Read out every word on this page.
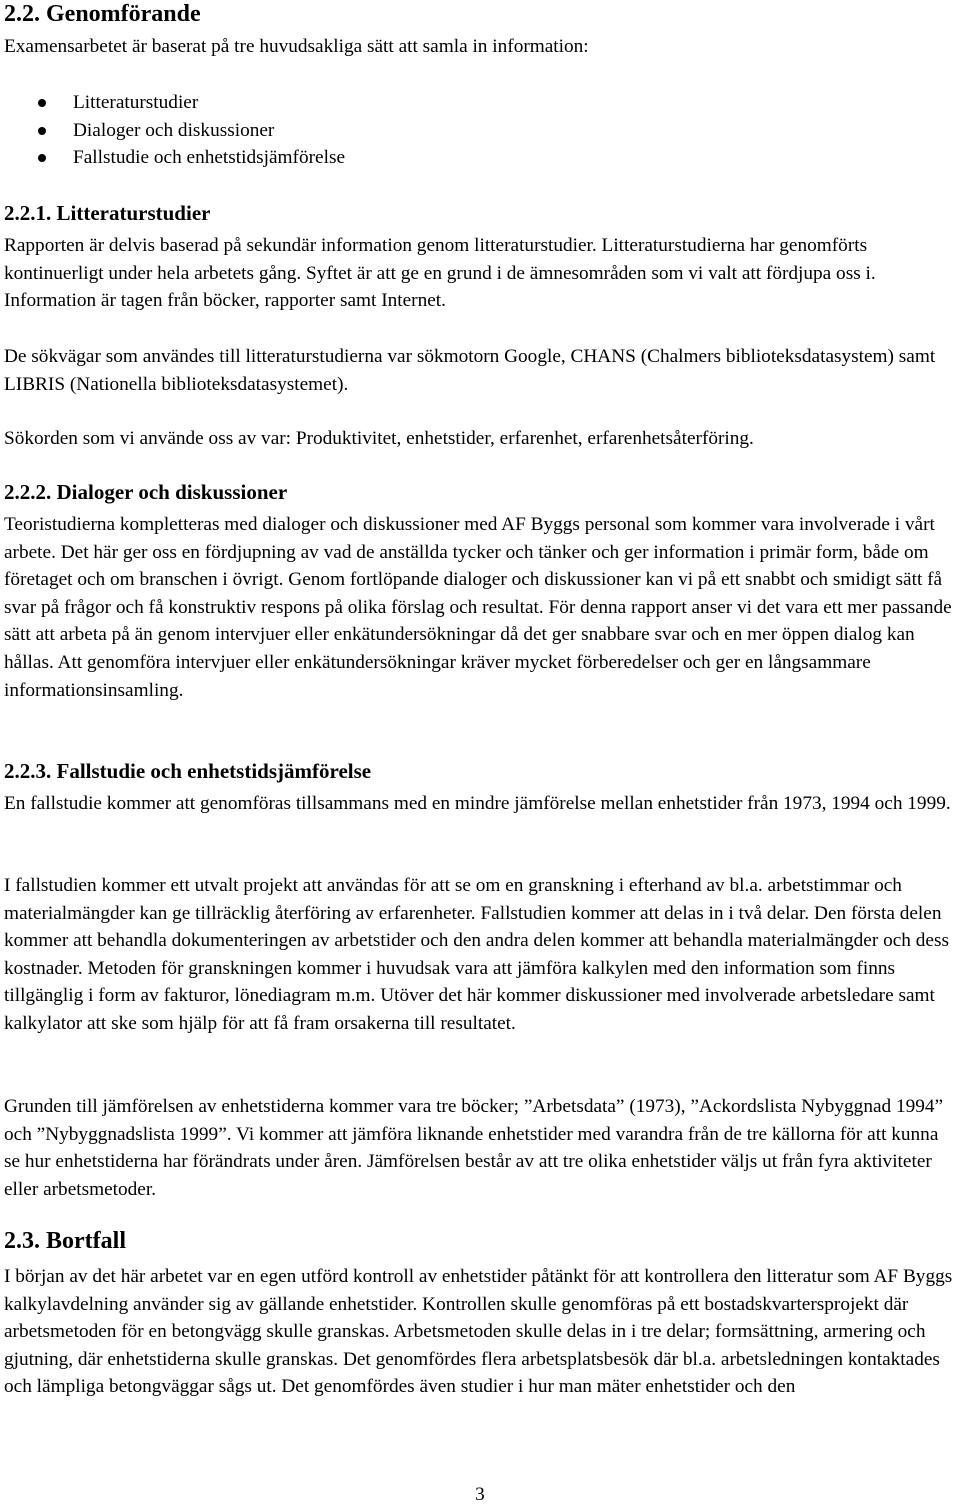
2.2. Genomförande

Examensarbetet är baserat på tre huvudsakliga sätt att samla in information:

Litteraturstudier
Dialoger och diskussioner
Fallstudie och enhetstidsjämförelse
2.2.1. Litteraturstudier

Rapporten är delvis baserad på sekundär information genom litteraturstudier. Litteraturstudierna har genomförts kontinuerligt under hela arbetets gång. Syftet är att ge en grund i de ämnesområden som vi valt att fördjupa oss i. Information är tagen från böcker, rapporter samt Internet.

De sökvägar som användes till litteraturstudierna var sökmotorn Google, CHANS (Chalmers biblioteksdatasystem) samt LIBRIS (Nationella biblioteksdatasystemet).

Sökorden som vi använde oss av var: Produktivitet, enhetstider, erfarenhet, erfarenhetsåterföring.

2.2.2. Dialoger och diskussioner

Teoristudierna kompletteras med dialoger och diskussioner med AF Byggs personal som kommer vara involverade i vårt arbete. Det här ger oss en fördjupning av vad de anställda tycker och tänker och ger information i primär form, både om företaget och om branschen i övrigt. Genom fortlöpande dialoger och diskussioner kan vi på ett snabbt och smidigt sätt få svar på frågor och få konstruktiv respons på olika förslag och resultat. För denna rapport anser vi det vara ett mer passande sätt att arbeta på än genom intervjuer eller enkätundersökningar då det ger snabbare svar och en mer öppen dialog kan hållas. Att genomföra intervjuer eller enkätundersökningar kräver mycket förberedelser och ger en långsammare informationsinsamling.

2.2.3. Fallstudie och enhetstidsjämförelse

En fallstudie kommer att genomföras tillsammans med en mindre jämförelse mellan enhetstider från 1973, 1994 och 1999.

I fallstudien kommer ett utvalt projekt att användas för att se om en granskning i efterhand av bl.a. arbetstimmar och materialmängder kan ge tillräcklig återföring av erfarenheter. Fallstudien kommer att delas in i två delar. Den första delen kommer att behandla dokumenteringen av arbetstider och den andra delen kommer att behandla materialmängder och dess kostnader. Metoden för granskningen kommer i huvudsak vara att jämföra kalkylen med den information som finns tillgänglig i form av fakturor, lönediagram m.m. Utöver det här kommer diskussioner med involverade arbetsledare samt kalkylator att ske som hjälp för att få fram orsakerna till resultatet.

Grunden till jämförelsen av enhetstiderna kommer vara tre böcker; ”Arbetsdata” (1973), ”Ackordslista Nybyggnad 1994” och ”Nybyggnadslista 1999”. Vi kommer att jämföra liknande enhetstider med varandra från de tre källorna för att kunna se hur enhetstiderna har förändrats under åren. Jämförelsen består av att tre olika enhetstider väljs ut från fyra aktiviteter eller arbetsmetoder.

2.3. Bortfall

I början av det här arbetet var en egen utförd kontroll av enhetstider påtänkt för att kontrollera den litteratur som AF Byggs kalkylavdelning använder sig av gällande enhetstider. Kontrollen skulle genomföras på ett bostadskvartersprojekt där arbetsmetoden för en betongvägg skulle granskas. Arbetsmetoden skulle delas in i tre delar; formsättning, armering och gjutning, där enhetstiderna skulle granskas. Det genomfördes flera arbetsplatsbesök där bl.a. arbetsledningen kontaktades och lämpliga betongväggar sågs ut. Det genomfördes även studier i hur man mäter enhetstider och den

3
